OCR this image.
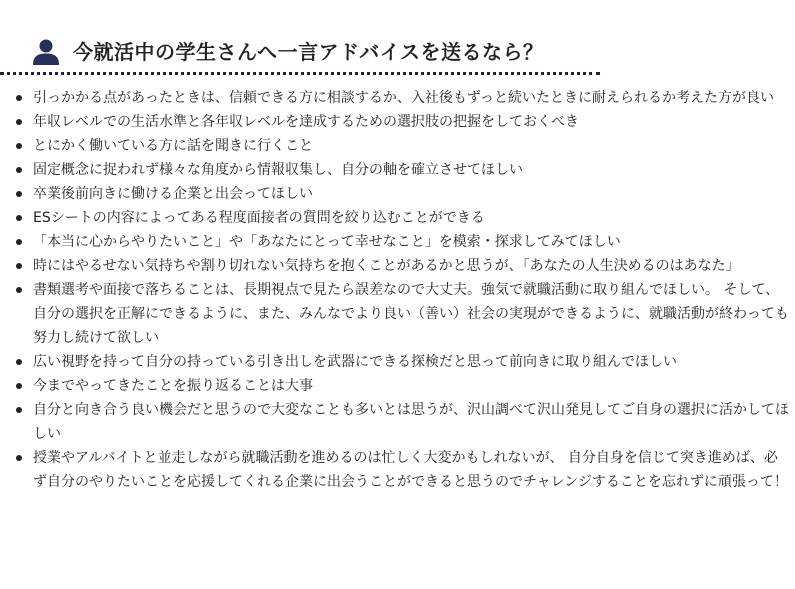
今就活中の学生さんへ一言アドバイスを送るなら？
引っかかる点があったときは、信頼できる方に相談するか、入社後もずっと続いたときに耐えられるか考えた方が良い
年収レベルでの生活水準と各年収レベルを達成するための選択肢の把握をしておくべき
とにかく働いている方に話を聞きに行くこと
固定概念に捉われず様々な角度から情報収集し、自分の軸を確立させてほしい
卒業後前向きに働ける企業と出会ってほしい
ESシートの内容によってある程度面接者の質問を絞り込むことができる
「本当に心からやりたいこと」や「あなたにとって幸せなこと」を模索・探求してみてほしい
時にはやるせない気持ちや割り切れない気持ちを抱くことがあるかと思うが、「あなたの人生決めるのはあなた」
書類選考や面接で落ちることは、長期視点で見たら誤差なので大丈夫。強気で就職活動に取り組んでほしい。 そして、自分の選択を正解にできるように、また、みんなでより良い（善い）社会の実現ができるように、就職活動が終わっても努力し続けて欲しい
広い視野を持って自分の持っている引き出しを武器にできる探検だと思って前向きに取り組んでほしい
今までやってきたことを振り返ることは大事
自分と向き合う良い機会だと思うので大変なことも多いとは思うが、沢山調べて沢山発見してご自身の選択に活かしてほしい
授業やアルバイトと並走しながら就職活動を進めるのは忙しく大変かもしれないが、 自分自身を信じて突き進めば、必ず自分のやりたいことを応援してくれる企業に出会うことができると思うのでチャレンジすることを忘れずに頑張って！
